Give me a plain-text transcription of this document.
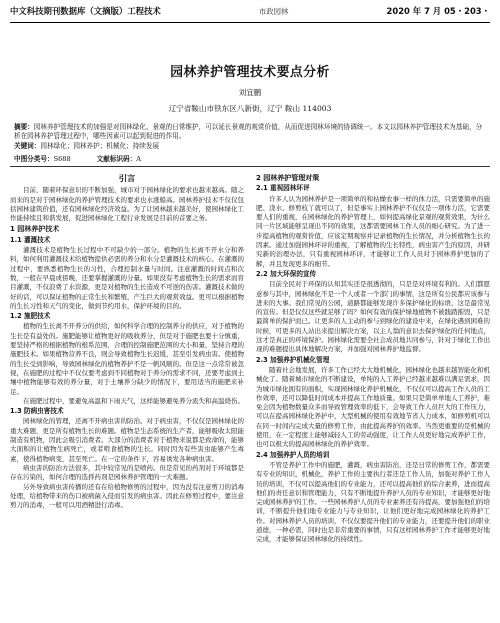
中文科技期刊数据库（文摘版）工程技术	市政园林	2020 年 7 月 05・203・
园林养护管理技术要点分析
刘宜鹏
辽宁省鞍山市铁东区八新街，辽宁 鞍山 114003
摘要：园林养护管理技术的加强是对园林绿化、景观的日常维护，可以延长景观的观赏价值，从而促进园林环境的协调统一。本文以园林养护管理技术为基础，分析在园林养护管理过程中，哪些因素可以起到促进的作用。
关键词：园林绿化；园林养护；机械化；持续发展
中图分类号：S688	文献标识码：A
引言

目前，随着环保意识的不断加强，城市对于园林绿化的要求也越来越高。随之而来的是对于园林绿化的养护管理技术的要求也水涨船高。园林养护技术不仅仅包括园林建筑价值，还有园林绿化经济效益。为了让园林越来越美好，使园林绿化工作能持续且和谐发展，促进园林绿化工程行业发展是目前的首要之务。

1 园林养护技术
1.1 灌溉技术

灌溉技术是植物生长过程中不可缺少的一部分。植物的生长离不开水分和养料，如何利用灌溉技术给植物提供必需的养分和水分是灌溉技术的核心。在灌溉的过程中，要熟悉植物生长的习性，合理控制水量与时间。注意灌溉的时间点和次数，一般在早晨或傍晚，还要掌握灌溉的分量。如果没有考虑植物生长的需求而盲目灌溉，不仅浪费了水资源，更是对植物的生长造成不可逆的伤害。灌溉技术做的好的话，可以保证植物的正常生长和繁殖，产生巨大的观赏效益。更可以根据植物的生长习性和天气的变化，做到节约用水，保护环境的目的。

1.2 施肥技术

植物的生长离不开养分的供给，如何科学合理的控制养分的供应，对于植物的生长是有益处的。施肥能够让植物更好的吸收养分，但是对于施肥也要十分慎重，要坚持严格的根据植物的根系范围，合理的控制施肥范围的大小和量，坚持合理的施肥技术。如果植物营养不良，则会导致植物生长迟缓，甚至引发病虫害。使植物的生长受到影响，导致园林绿化的植物养护不是一帆风顺的。但是这一点常常被忽视，在施肥的过程中不仅仅要考虑到不同植物对于养分的需求不同，还要考虑到土壤中植物能够有效的养分量，对于土壤养分缺少的情况下，要用适当的施肥来补足。

在施肥过程中，要避免高温和下雨天气，这样能够避免养分流失和高温烧伤。

1.3 防病虫害技术

园林绿化的管理，还离不开病虫害的防治。对于病虫害，不仅仅是园林绿化的重大难题，更是所有植物生长的难题。植物是生态系统的生产者，能够吸收太阳能制造有机物，因此会吸引消费者。大部分的消费者对于植物来说都是致命的，能够大面积的让植物生病死亡，或者啃食植物的生长。同时因为有些害虫能够产生毒素，使得植物病变，甚至死亡。在一定的条件下，容易诱发各种病虫害。

病虫害的防治方法很多，其中较常见的是喷药。但是常见的药剂对于环境都是存在污染的，如何合理的选择药剂是园林养护管理的一大难题。

另外导致病虫害传播的还有在给植物修剪的过程中，因为没有注意剪刀的消毒处理，给植物带来的伤口被病菌入侵而引发的病虫害。因此在修剪过程中，要注意剪刀的消毒，一般可以用酒精进行消毒。

2 园林养护管理对策
2.1 重视园林环评

许多人认为园林养护是一项简单的和枯燥农事一样的体力活，只需要简单的施肥、浇水、修剪枝丫就可以了，但是事实上园林养护不仅仅是一项体力活，它需要要人们的重视，在园林绿化的养护管理上，如何提高绿化景观的观赏效果，为什么同一片区域能够呈现出不同的效果，这都需要园林工作人员的细心研究。为了进一步提高植物的观赏价值，应该定期观察并记录植物的生长情况，并分析植物生长的因素。通过加强园林环评的重视，了解植物的生长特性，病虫害产生的原因，并研究新的治理办法，只有重视园林环评，才能够让工作人员对于园林养护更加的了解，并且发现更多的细节。

2.2 加大环保的宣传

目前全民对于环保的认知其实还是很透彻的，只是是对环境有利的。人们都愿意参与其中，园林绿化不是一个人或者一个部门的事情，这是所有公民都应该参与进来的大事。我们常见的公园，道路都能够发现许多保护绿化的标语，这是最常见的宣传。但是仅仅这些就足够了吗？如何有效的保护绿地植物不被践踏摧毁，只是最简单的保护而已。让更多的人主动的参与到绿化的建设中来，在绿化遇到困难的时候，可更多的人站出来提出解决方案，以主人翁的意识去保护绿化的任何地点，这才是真正的环境保护。园林绿化需要全社会成员地共同参与，针对于绿化工作出现的难题提出具体地解决方案，并加强对园林养护地监督。

2.3 加强养护机械化管理

随着社会地发展，许多工作已经大大地机械化，园林绿化也越来越智能化和机械化了。随着城市绿化的不断建设，单纯的人工养护已经越来越难以满足需求，因为城市绿化拥有的面积，实现园林绿化养护机械化，不仅仅可以提高工作人员的工作效率，还可以降低时间成本并提高工作地质量。如果只是简单单地人工养护，难免会因为植物数量众多而导致管理效率的低下，会导致工作人员巨大的工作压力，可以在提高园林绿化养护中，大型机械的使用有效地节省人力成本，如修剪机可以在同一时间内完成大量的修剪工作，由此提高养护的效率。当然更重要的是机械的使用，在一定程度上能够减轻人工的劳动强度，让工作人员更好地完成养护工作，也可以极大的提高园林绿化的养护效率。

2.4 加强养护人员的培训

不管是养护工作中的施肥，灌溉，病虫害防治，还是日常的修剪工作，都需要有专业的知识，机械化，养护工作的主要执行者还是工作人员，加强对养护工作人员的培训，不仅可以提高他们的专业能力，还可以提高他们的综合素养，进而提高他们的责任意识和管理能力，只有不断地提升养护人员的专业知识，才能够更好地完成园林养护的工作。一些园林养护人员的专业素养还有待提高，要加强他们的培训，不断提升他们地专业能力与专业知识，让他们更好地完成园林绿化的养护工作。对园林养护人员的培训，不仅仅要提升他们的专业能力，还要提升他们的职业道德，一种必需，同时也是非常重要的事情，只有这样园林养护工作才能够更好地完成，才能够保证园林绿化的持续性。
